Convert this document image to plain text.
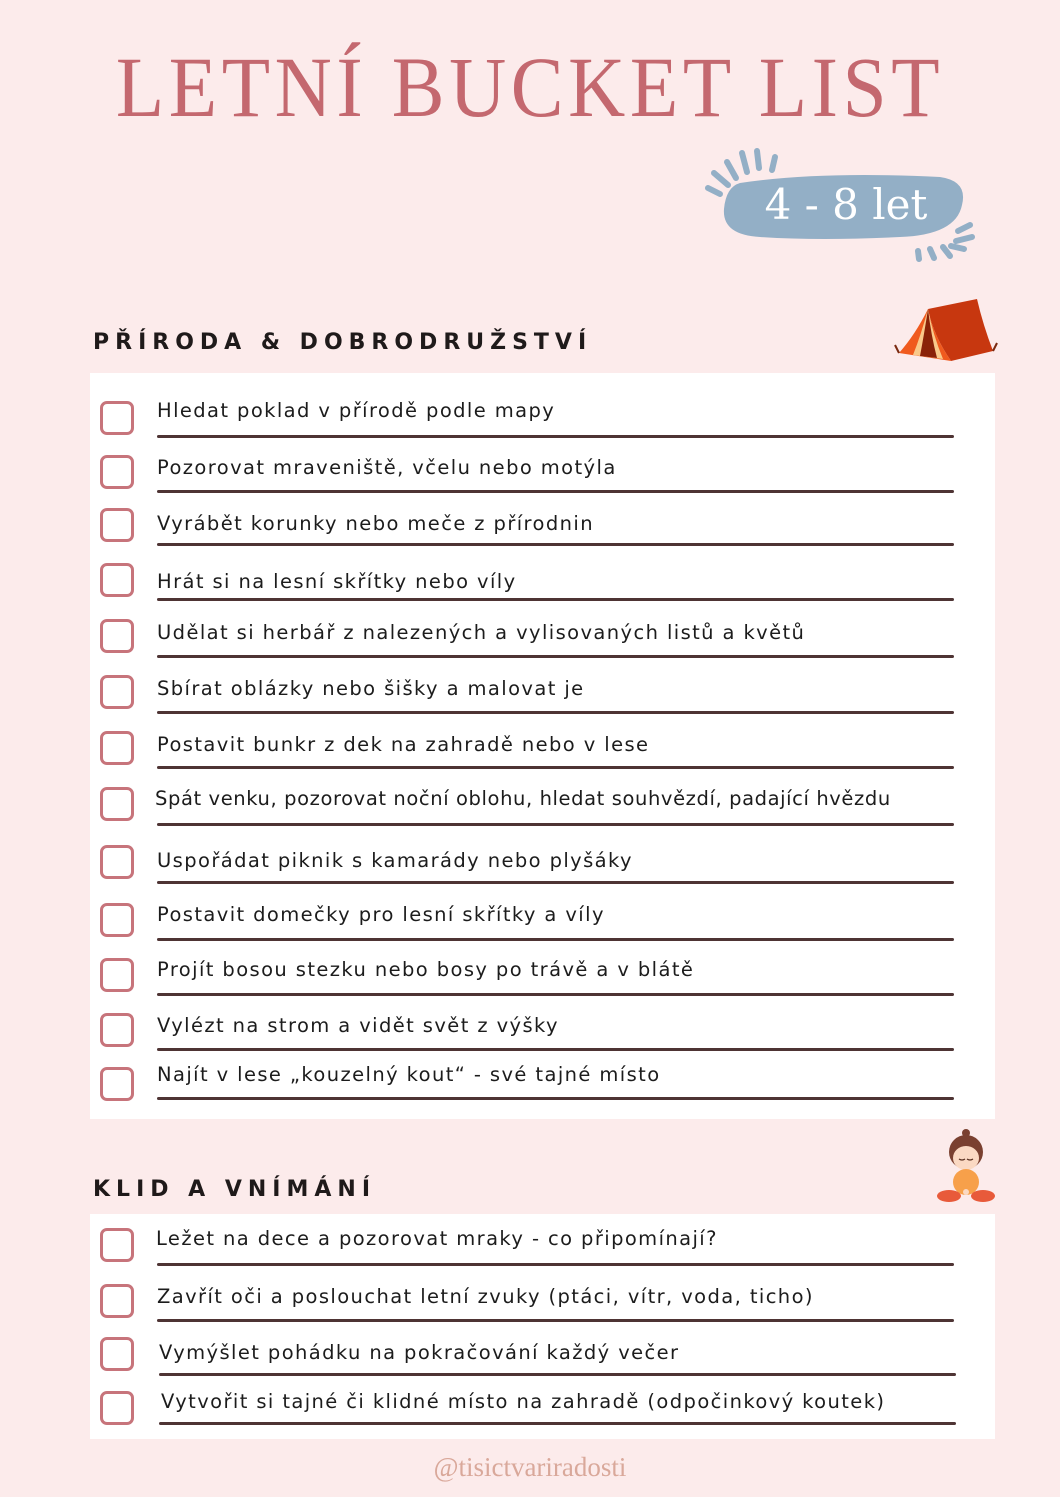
LETNÍ BUCKET LIST
4 - 8 let
PŘÍRODA & DOBRODRUŽSTVÍ
Hledat poklad v přírodě podle mapy
Pozorovat mraveniště, včelu nebo motýla
Vyrábět korunky nebo meče z přírodnin
Hrát si na lesní skřítky nebo víly
Udělat si herbář z nalezených a vylisovaných listů a květů
Sbírat oblázky nebo šišky a malovat je
Postavit bunkr z dek na zahradě nebo v lese
Spát venku, pozorovat noční oblohu, hledat souhvězdí, padající hvězdu
Uspořádat piknik s kamarády nebo plyšáky
Postavit domečky pro lesní skřítky a víly
Projít bosou stezku nebo bosy po trávě a v blátě
Vylézt na strom a vidět svět z výšky
Najít v lese „kouzelný kout“ - své tajné místo
KLID A VNÍMÁNÍ
Ležet na dece a pozorovat mraky - co připomínají?
Zavřít oči a poslouchat letní zvuky (ptáci, vítr, voda, ticho)
Vymýšlet pohádku na pokračování každý večer
Vytvořit si tajné či klidné místo na zahradě (odpočinkový koutek)
@tisictvariradosti
